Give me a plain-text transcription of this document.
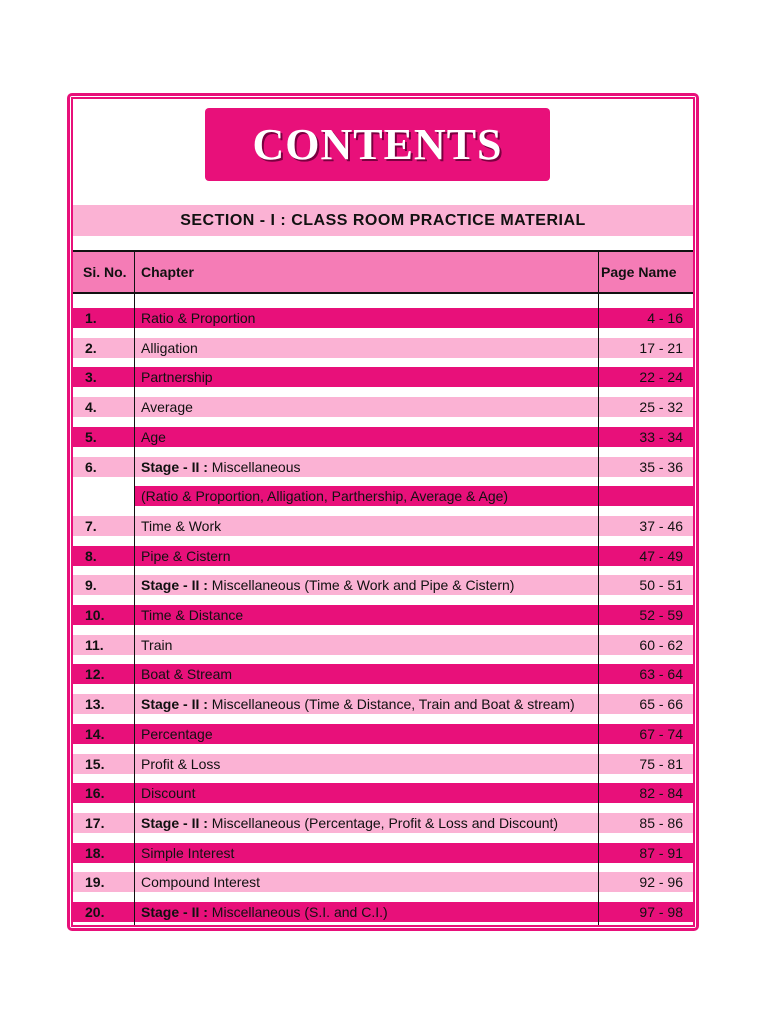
CONTENTS
SECTION - I : CLASS ROOM PRACTICE MATERIAL
Si. No. Chapter	Page Name
1.	Ratio & Proportion	4 - 16
2.	Alligation	17 - 21
3.	Partnership	22 - 24
4.	Average	25 - 32
5.	Age	33 - 34
6.	Stage - II : Miscellaneous	35 - 36
(Ratio & Proportion, Alligation, Parthership, Average & Age)
7.	Time & Work	37 - 46
8.	Pipe & Cistern	47 - 49
9.	Stage - II : Miscellaneous (Time & Work and Pipe & Cistern)	50 - 51
10.	Time & Distance	52 - 59
11.	Train	60 - 62
12.	Boat & Stream	63 - 64
13.	Stage - II : Miscellaneous (Time & Distance, Train and Boat & stream)	65 - 66
14.	Percentage	67 - 74
15.	Profit & Loss	75 - 81
16.	Discount	82 - 84
17.	Stage - II : Miscellaneous (Percentage, Profit & Loss and Discount)	85 - 86
18.	Simple Interest	87 - 91
19.	Compound Interest	92 - 96
20.	Stage - II : Miscellaneous (S.I. and C.I.)	97 - 98
